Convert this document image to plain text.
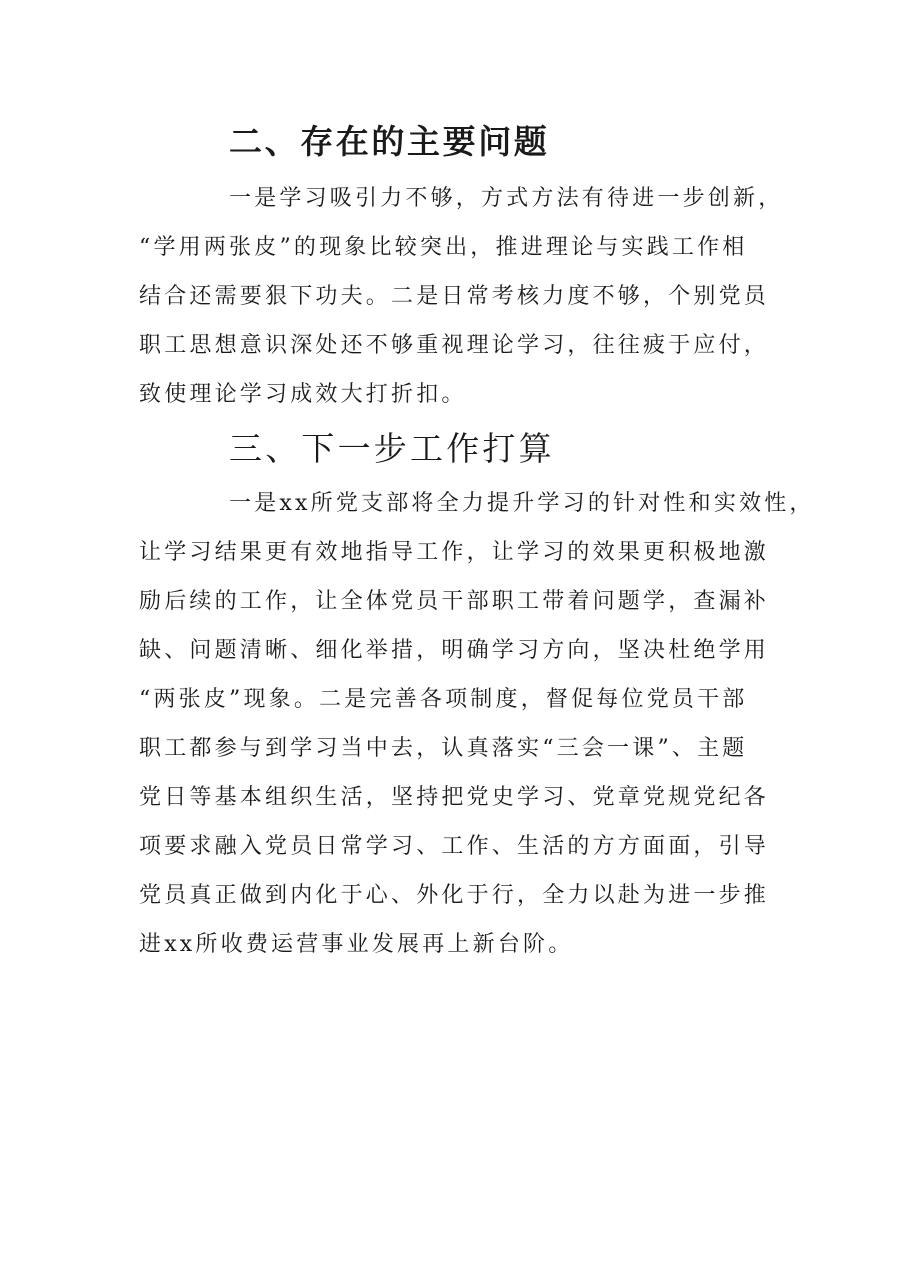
二、存在的主要问题

一是学习吸引力不够，方式方法有待进一步创新，
“学用两张皮”的现象比较突出，推进理论与实践工作相
结合还需要狠下功夫。二是日常考核力度不够，个别党员
职工思想意识深处还不够重视理论学习，往往疲于应付，
致使理论学习成效大打折扣。

三、下一步工作打算

一是xx所党支部将全力提升学习的针对性和实效性，
让学习结果更有效地指导工作，让学习的效果更积极地激
励后续的工作，让全体党员干部职工带着问题学，查漏补
缺、问题清晰、细化举措，明确学习方向，坚决杜绝学用
“两张皮”现象。二是完善各项制度，督促每位党员干部
职工都参与到学习当中去，认真落实“三会一课”、主题
党日等基本组织生活，坚持把党史学习、党章党规党纪各
项要求融入党员日常学习、工作、生活的方方面面，引导
党员真正做到内化于心、外化于行，全力以赴为进一步推
进xx所收费运营事业发展再上新台阶。
